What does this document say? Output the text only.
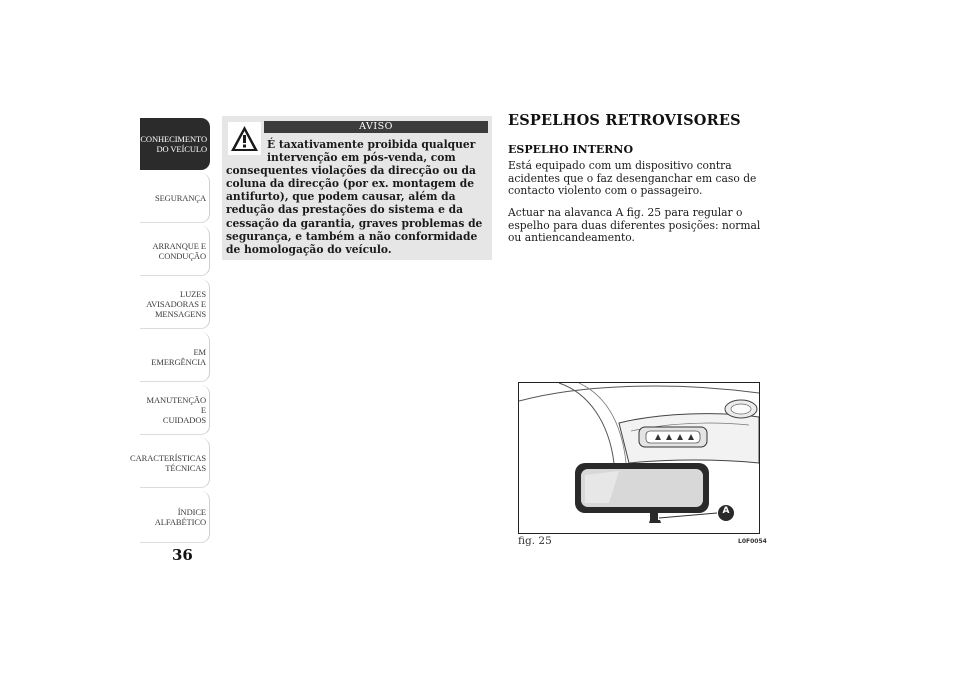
CONHECIMENTO
DO VEÍCULO
SEGURANÇA
ARRANQUE E
CONDUÇÃO
LUZES
AVISADORAS E
MENSAGENS
EM EMERGÊNCIA
MANUTENÇÃO E
CUIDADOS
CARACTERÍSTICAS
TÉCNICAS
ÍNDICE
ALFABÉTICO
36
AVISO
É taxativamente proibida qualquer
intervenção em pós-venda, com
consequentes violações da direcção ou da coluna da direcção (por ex. montagem de antifurto), que podem causar, além da redução das prestações do sistema e da cessação da garantia, graves problemas de segurança, e também a não conformidade de homologação do veículo.
ESPELHOS RETROVISORES
ESPELHO INTERNO
Está equipado com um dispositivo contra acidentes que o faz desenganchar em caso de contacto violento com o passageiro.
Actuar na alavanca A fig. 25 para regular o espelho para duas diferentes posições: normal ou antiencandeamento.
A
fig. 25	L0F0054
